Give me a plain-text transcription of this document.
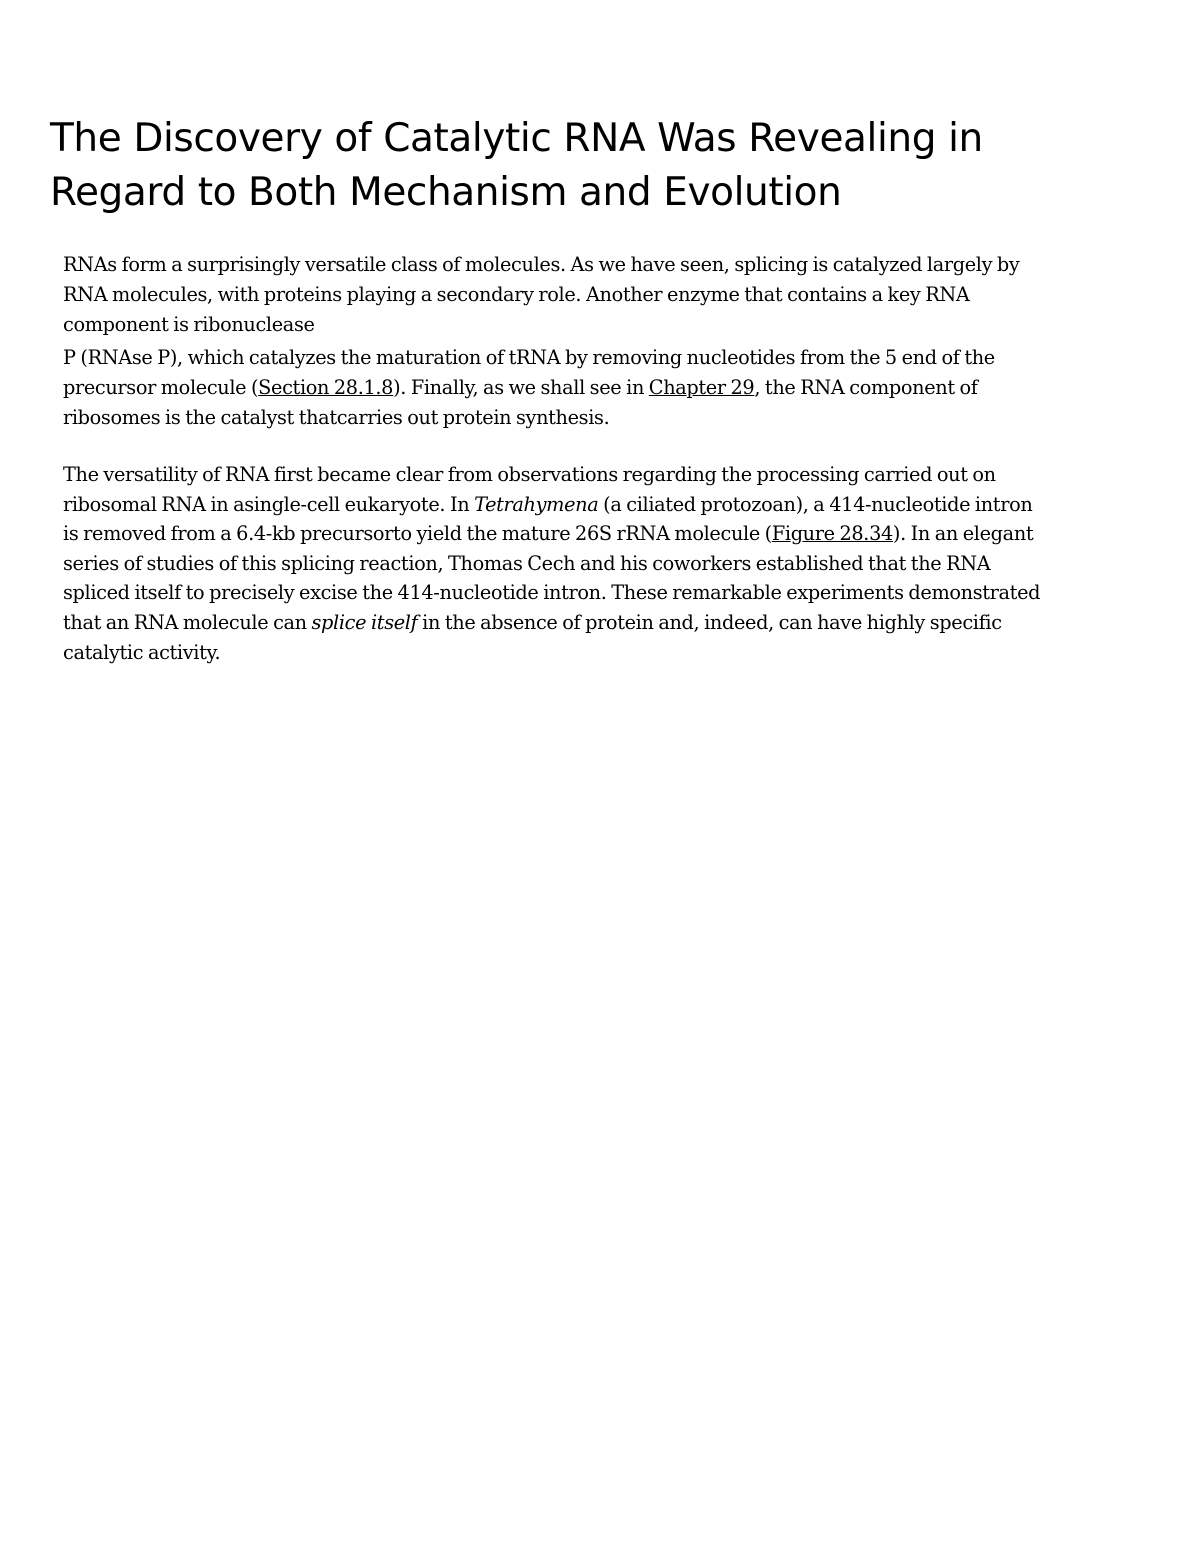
The Discovery of Catalytic RNA Was Revealing in
Regard to Both Mechanism and Evolution
RNAs form a surprisingly versatile class of molecules. As we have seen, splicing is catalyzed largely by
RNA molecules, with proteins playing a secondary role. Another enzyme that contains a key RNA
component is ribonuclease
P (RNAse P), which catalyzes the maturation of tRNA by removing nucleotides from the 5 end of the
precursor molecule (Section 28.1.8). Finally, as we shall see in Chapter 29, the RNA component of
ribosomes is the catalyst thatcarries out protein synthesis.
The versatility of RNA first became clear from observations regarding the processing carried out on
ribosomal RNA in asingle-cell eukaryote. In Tetrahymena (a ciliated protozoan), a 414-nucleotide intron
is removed from a 6.4-kb precursorto yield the mature 26S rRNA molecule (Figure 28.34). In an elegant
series of studies of this splicing reaction, Thomas Cech and his coworkers established that the RNA
spliced itself to precisely excise the 414-nucleotide intron. These remarkable experiments demonstrated
that an RNA molecule can splice itself in the absence of protein and, indeed, can have highly specific
catalytic activity.
